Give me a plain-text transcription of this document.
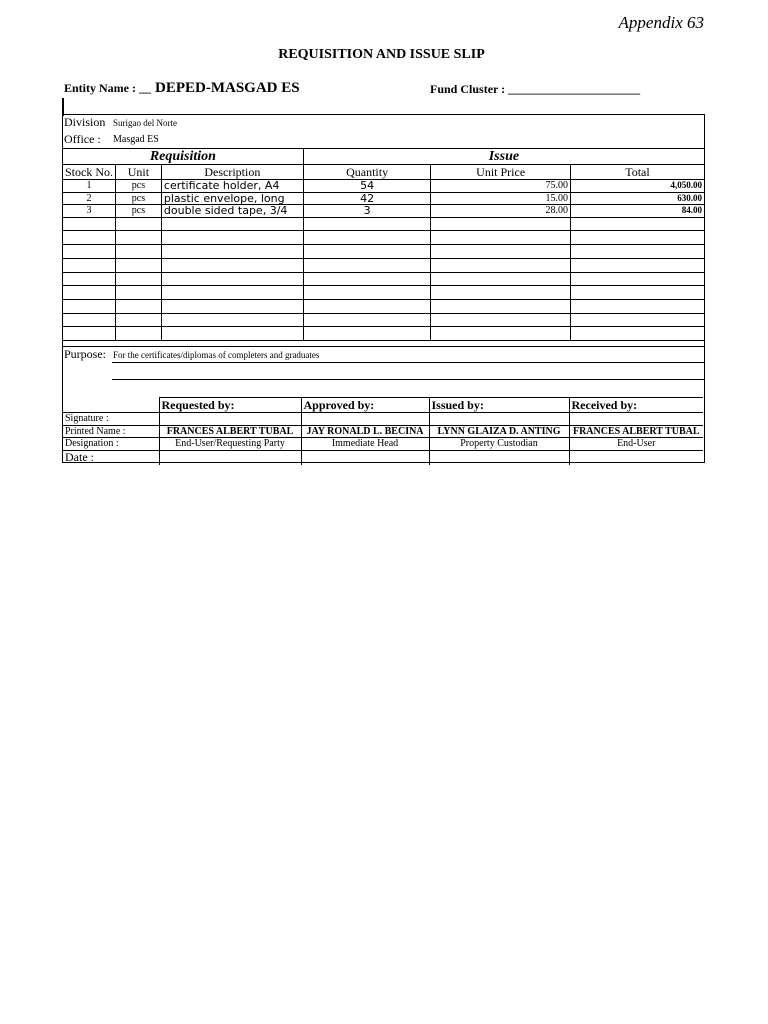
Appendix 63
REQUISITION AND ISSUE SLIP
Entity Name : __ DEPED-MASGAD ES	Fund Cluster : ______________________
Division Surigao del Norte
Office : Masgad ES
Requisition			Issue		
Stock No.	Unit	Description	Quantity	Unit Price	Total
1	pcs	certificate holder, A4	54	75.00	4,050.00
2	pcs	plastic envelope, long	42	15.00	630.00
3	pcs	double sided tape, 3/4	3	28.00	84.00

Purpose: For the certificates/diplomas of completers and graduates
	Requested by:	Approved by:	Issued by:	Received by:
Signature :				
Printed Name :	FRANCES ALBERT TUBAL	JAY RONALD L. BECINA	LYNN GLAIZA D. ANTING	FRANCES ALBERT TUBAL
Designation :	End-User/Requesting Party	Immediate Head	Property Custodian	End-User
Date :				
